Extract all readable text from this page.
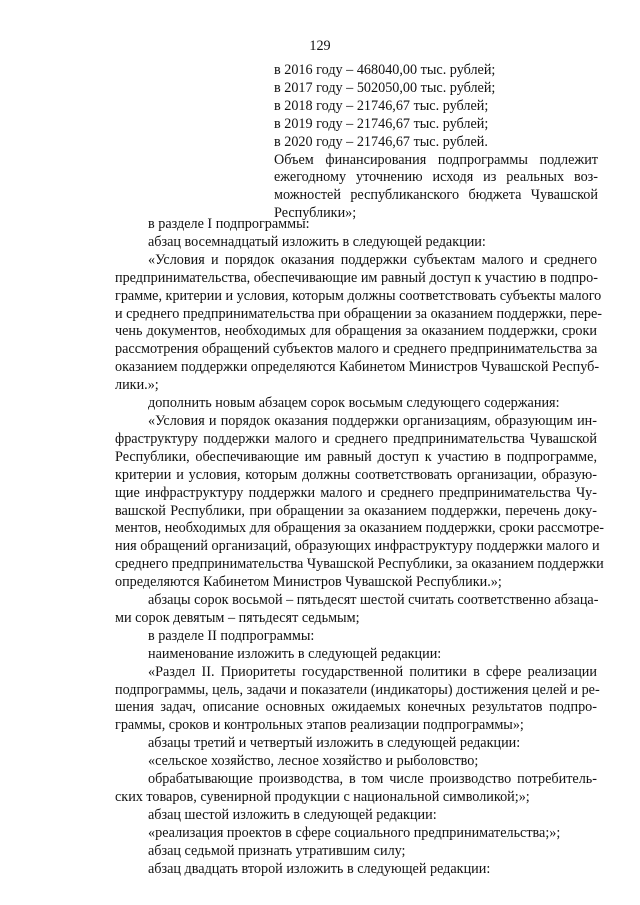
129
в 2016 году – 468040,00 тыс. рублей;
в 2017 году – 502050,00 тыс. рублей;
в 2018 году – 21746,67 тыс. рублей;
в 2019 году – 21746,67 тыс. рублей;
в 2020 году – 21746,67 тыс. рублей.
Объем финансирования подпрограммы подлежит
ежегодному уточнению исходя из реальных воз-
можностей республиканского бюджета Чувашской
Республики»;

в разделе I подпрограммы:

абзац восемнадцатый изложить в следующей редакции:

«Условия и порядок оказания поддержки субъектам малого и среднего

предпринимательства, обеспечивающие им равный доступ к участию в подпро-

грамме, критерии и условия, которым должны соответствовать субъекты малого

и среднего предпринимательства при обращении за оказанием поддержки, пере-

чень документов, необходимых для обращения за оказанием поддержки, сроки

рассмотрения обращений субъектов малого и среднего предпринимательства за

оказанием поддержки определяются Кабинетом Министров Чувашской Респуб-

лики.»;

дополнить новым абзацем сорок восьмым следующего содержания:

«Условия и порядок оказания поддержки организациям, образующим ин-

фраструктуру поддержки малого и среднего предпринимательства Чувашской

Республики, обеспечивающие им равный доступ к участию в подпрограмме,

критерии и условия, которым должны соответствовать организации, образую-

щие инфраструктуру поддержки малого и среднего предпринимательства Чу-

вашской Республики, при обращении за оказанием поддержки, перечень доку-

ментов, необходимых для обращения за оказанием поддержки, сроки рассмотре-

ния обращений организаций, образующих инфраструктуру поддержки малого и

среднего предпринимательства Чувашской Республики, за оказанием поддержки

определяются Кабинетом Министров Чувашской Республики.»;

абзацы сорок восьмой – пятьдесят шестой считать соответственно абзаца-

ми сорок девятым – пятьдесят седьмым;

в разделе II подпрограммы:

наименование изложить в следующей редакции:

«Раздел II. Приоритеты государственной политики в сфере реализации

подпрограммы, цель, задачи и показатели (индикаторы) достижения целей и ре-

шения задач, описание основных ожидаемых конечных результатов подпро-

граммы, сроков и контрольных этапов реализации подпрограммы»;

абзацы третий и четвертый изложить в следующей редакции:

«сельское хозяйство, лесное хозяйство и рыболовство;

обрабатывающие производства, в том числе производство потребитель-

ских товаров, сувенирной продукции с национальной символикой;»;

абзац шестой изложить в следующей редакции:

«реализация проектов в сфере социального предпринимательства;»;

абзац седьмой признать утратившим силу;

абзац двадцать второй изложить в следующей редакции:
